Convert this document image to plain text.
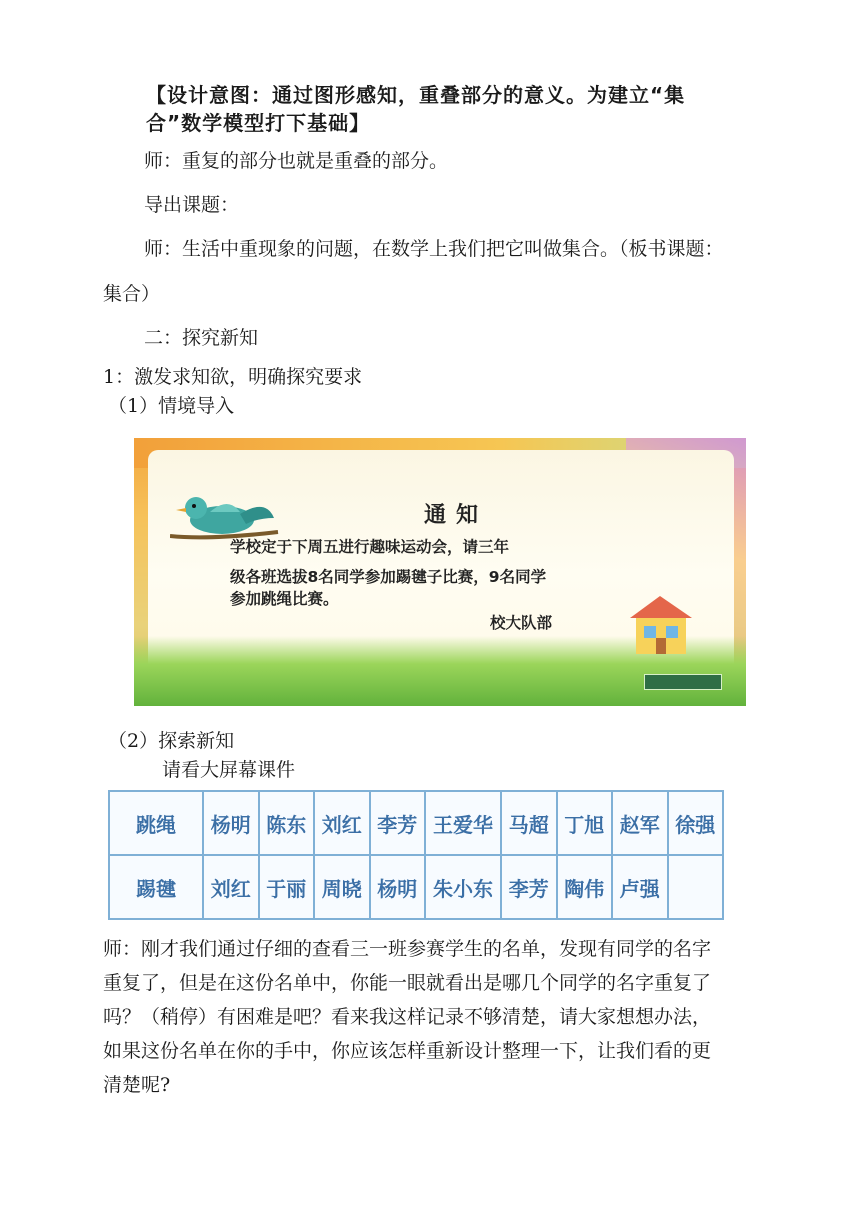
【设计意图：通过图形感知，重叠部分的意义。为建立“集
合”数学模型打下基础】
师：重复的部分也就是重叠的部分。
导出课题：
师：生活中重现象的问题，在数学上我们把它叫做集合。（板书课题：
集合）
二：探究新知
1：激发求知欲，明确探究要求
（1）情境导入
通知
学校定于下周五进行趣味运动会，请三年
级各班选拔8名同学参加踢毽子比赛，9名同学
参加跳绳比赛。
校大队部
（2）探索新知
请看大屏幕课件
跳绳	杨明	陈东	刘红	李芳	王爱华	马超	丁旭	赵军	徐强
踢毽	刘红	于丽	周晓	杨明	朱小东	李芳	陶伟	卢强	
师：刚才我们通过仔细的查看三一班参赛学生的名单，发现有同学的名字
重复了，但是在这份名单中，你能一眼就看出是哪几个同学的名字重复了
吗？（稍停）有困难是吧？看来我这样记录不够清楚，请大家想想办法，
如果这份名单在你的手中，你应该怎样重新设计整理一下，让我们看的更
清楚呢?
